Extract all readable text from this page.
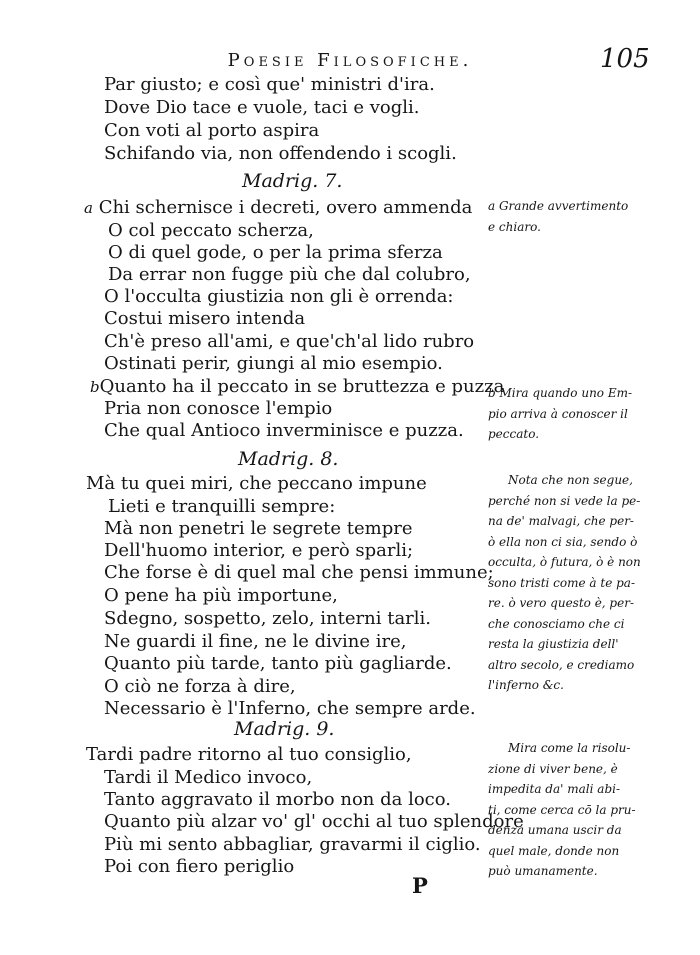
Poesie Filosofiche.	105
Par giusto; e così que' ministri d'ira.
Dove Dio tace e vuole, taci e vogli.
Con voti al porto aspira
Schifando via, non offendendo i scogli.
Madrig. 7.
a Chi schernisce i decreti, overo ammenda
O col peccato scherza,
O di quel gode, o per la prima sferza
Da errar non fugge più che dal colubro,
O l'occulta giustizia non gli è orrenda:
Costui misero intenda
Ch'è preso all'ami, e que'ch'al lido rubro
Ostinati perir, giungi al mio esempio.
bQuanto ha il peccato in se bruttezza e puzza
Pria non conosce l'empio
Che qual Antioco inverminisce e puzza.
Madrig. 8.
Mà tu quei miri, che peccano impune
Lieti e tranquilli sempre:
Mà non penetri le segrete tempre
Dell'huomo interior, e però sparli;
Che forse è di quel mal che pensi immune;
O pene ha più importune,
Sdegno, sospetto, zelo, interni tarli.
Ne guardi il fine, ne le divine ire,
Quanto più tarde, tanto più gagliarde.
O ciò ne forza à dire,
Necessario è l'Inferno, che sempre arde.
Madrig. 9.
Tardi padre ritorno al tuo consiglio,
Tardi il Medico invoco,
Tanto aggravato il morbo non da loco.
Quanto più alzar vo' gl' occhi al tuo splendore
Più mi sento abbagliar, gravarmi il ciglio.
Poi con fiero periglio
a Grande avvertimento
e chiaro.
b Mira quando uno Em-
pio arriva à conoscer il
peccato.
Nota che non segue,
perché non si vede la pe-
na de' malvagi, che per-
ò ella non ci sia, sendo ò
occulta, ò futura, ò è non
sono tristi come à te pa-
re. ò vero questo è, per-
che conosciamo che ci
resta la giustizia dell'
altro secolo, e crediamo
l'inferno &c.
Mira come la risolu-
zione di viver bene, è
impedita da' mali abi-
ti, come cerca cō la pru-
denza umana uscir da
quel male, donde non
può umanamente.
P
